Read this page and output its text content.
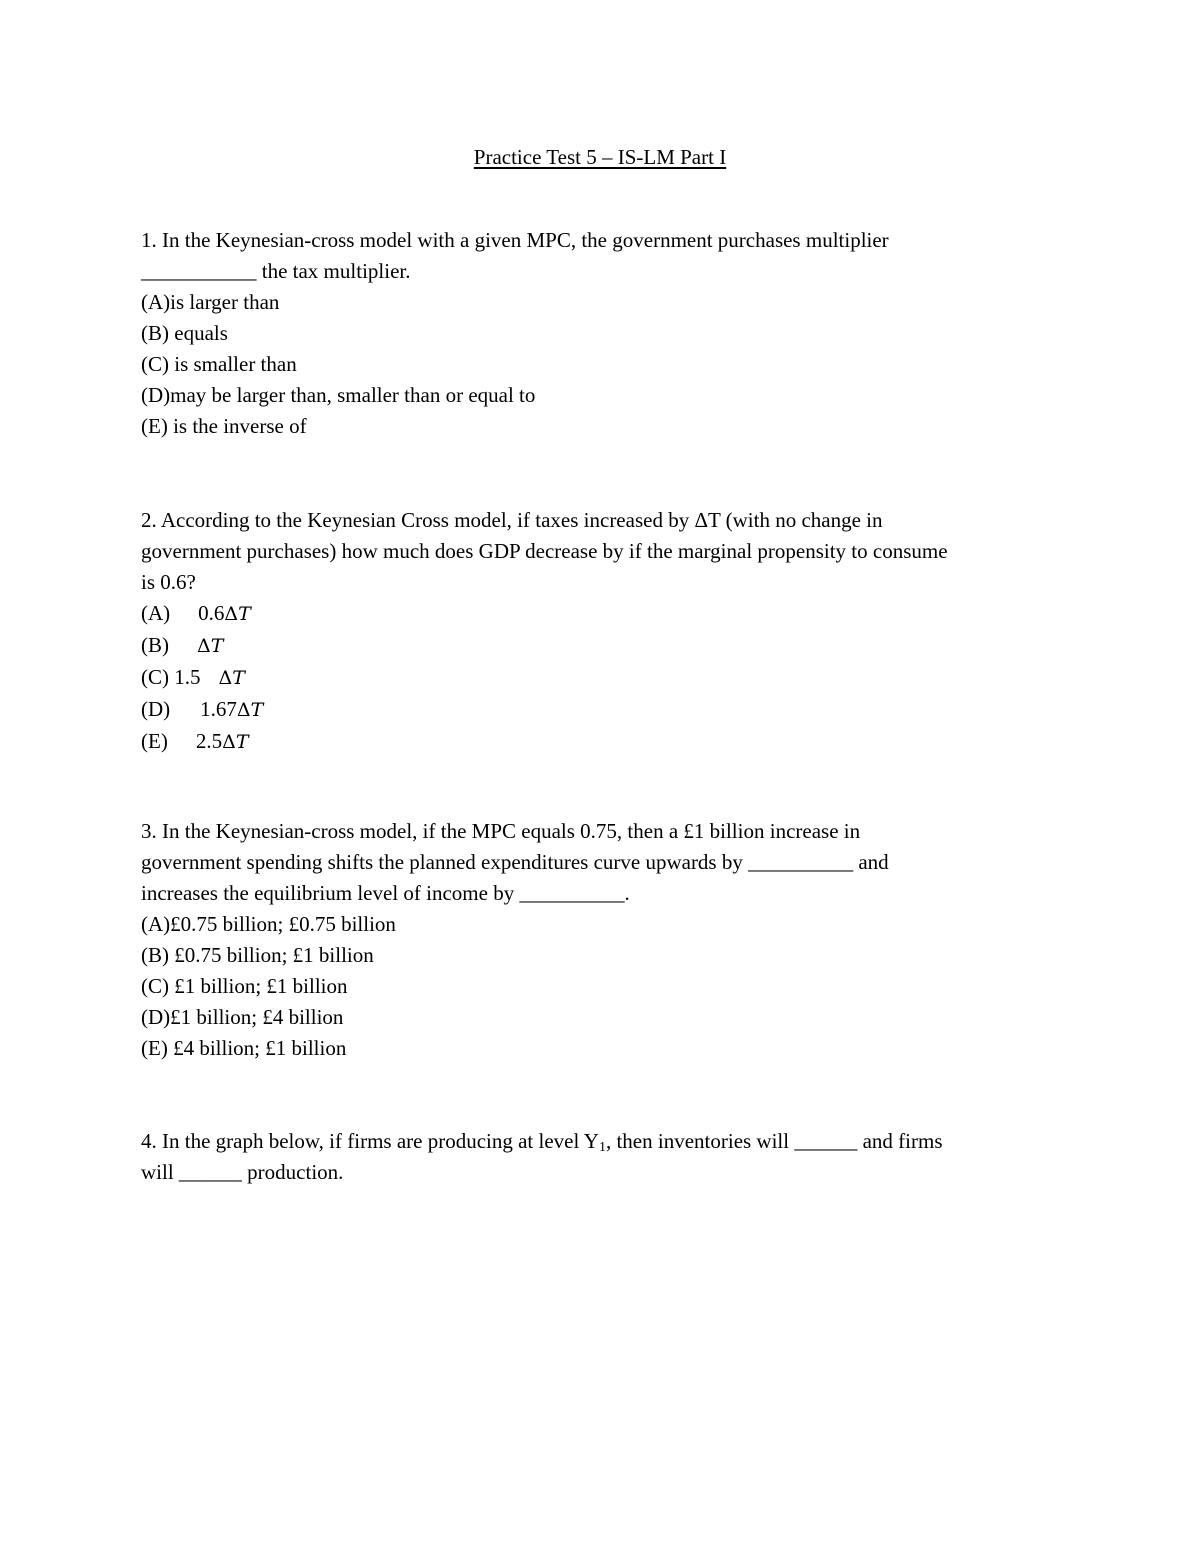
Practice Test 5 – IS-LM Part I
1. In the Keynesian-cross model with a given MPC, the government purchases multiplier
___________ the tax multiplier.
(A)is larger than
(B) equals
(C) is smaller than
(D)may be larger than, smaller than or equal to
(E) is the inverse of
2. According to the Keynesian Cross model, if taxes increased by ΔT (with no change in
government purchases) how much does GDP decrease by if the marginal propensity to consume
is 0.6?
(A) 0.6ΔT
(B) ΔT
(C) 1.5 ΔT
(D) 1.67ΔT
(E) 2.5ΔT
3. In the Keynesian-cross model, if the MPC equals 0.75, then a £1 billion increase in
government spending shifts the planned expenditures curve upwards by __________ and
increases the equilibrium level of income by __________.
(A)£0.75 billion; £0.75 billion
(B) £0.75 billion; £1 billion
(C) £1 billion; £1 billion
(D)£1 billion; £4 billion
(E) £4 billion; £1 billion
4. In the graph below, if firms are producing at level $Y_1$, then inventories will ______ and firms
will ______ production.
